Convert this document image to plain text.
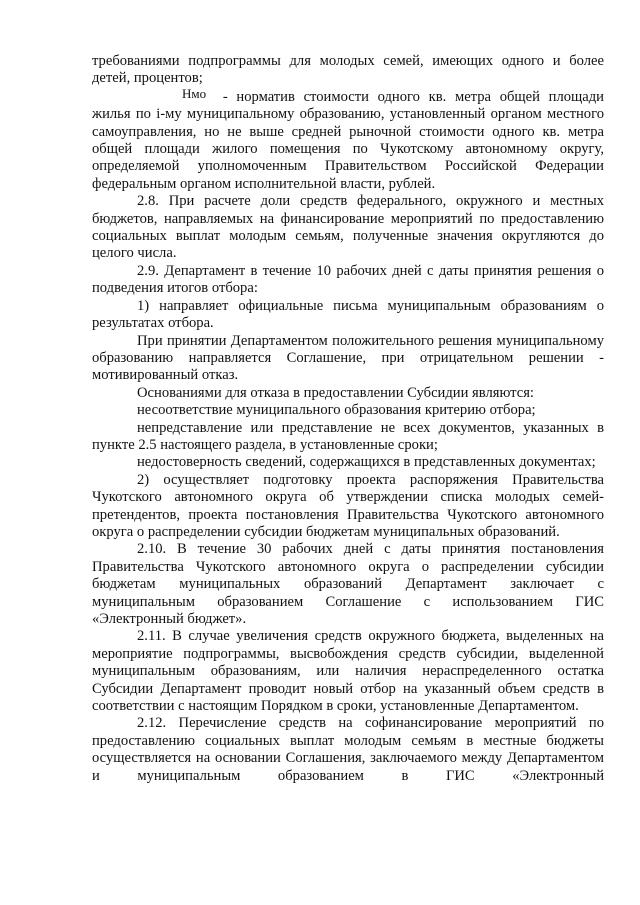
требованиями подпрограммы для молодых семей, имеющих одного и более детей, процентов;

Нмо - норматив стоимости одного кв. метра общей площади жилья по i-му муниципальному образованию, установленный органом местного самоуправления, но не выше средней рыночной стоимости одного кв. метра общей площади жилого помещения по Чукотскому автономному округу, определяемой уполномоченным Правительством Российской Федерации федеральным органом исполнительной власти, рублей.

2.8. При расчете доли средств федерального, окружного и местных бюджетов, направляемых на финансирование мероприятий по предоставлению социальных выплат молодым семьям, полученные значения округляются до целого числа.

2.9. Департамент в течение 10 рабочих дней с даты принятия решения о подведения итогов отбора:

1) направляет официальные письма муниципальным образованиям о результатах отбора.

При принятии Департаментом положительного решения муниципальному образованию направляется Соглашение, при отрицательном решении - мотивированный отказ.

Основаниями для отказа в предоставлении Субсидии являются:

несоответствие муниципального образования критерию отбора;

непредставление или представление не всех документов, указанных в пункте 2.5 настоящего раздела, в установленные сроки;

недостоверность сведений, содержащихся в представленных документах;

2) осуществляет подготовку проекта распоряжения Правительства Чукотского автономного округа об утверждении списка молодых семей-претендентов, проекта постановления Правительства Чукотского автономного округа о распределении субсидии бюджетам муниципальных образований.

2.10. В течение 30 рабочих дней с даты принятия постановления Правительства Чукотского автономного округа о распределении субсидии бюджетам муниципальных образований Департамент заключает с муниципальным образованием Соглашение с использованием ГИС «Электронный бюджет».

2.11. В случае увеличения средств окружного бюджета, выделенных на мероприятие подпрограммы, высвобождения средств субсидии, выделенной муниципальным образованиям, или наличия нераспределенного остатка Субсидии Департамент проводит новый отбор на указанный объем средств в соответствии с настоящим Порядком в сроки, установленные Департаментом.

2.12. Перечисление средств на софинансирование мероприятий по предоставлению социальных выплат молодым семьям в местные бюджеты осуществляется на основании Соглашения, заключаемого между Департаментом и муниципальным образованием в ГИС «Электронный
